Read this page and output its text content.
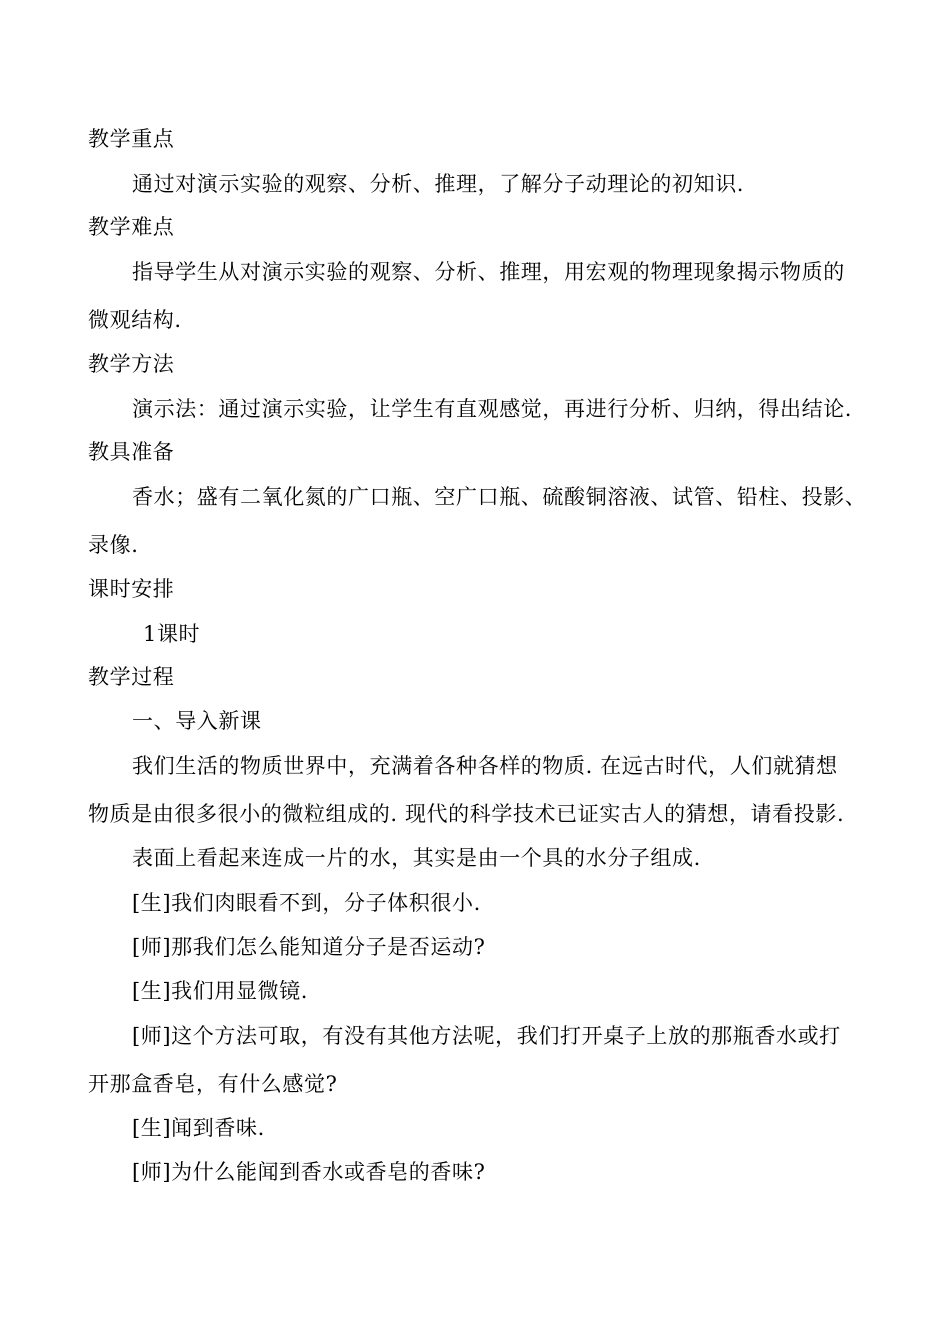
教学重点
通过对演示实验的观察、分析、推理，了解分子动理论的初知识.
教学难点
指导学生从对演示实验的观察、分析、推理，用宏观的物理现象揭示物质的
微观结构.
教学方法
演示法：通过演示实验，让学生有直观感觉，再进行分析、归纳，得出结论.
教具准备
香水；盛有二氧化氮的广口瓶、空广口瓶、硫酸铜溶液、试管、铅柱、投影、
录像.
课时安排
1课时
教学过程
一、导入新课
我们生活的物质世界中，充满着各种各样的物质. 在远古时代，人们就猜想
物质是由很多很小的微粒组成的. 现代的科学技术已证实古人的猜想，请看投影.
表面上看起来连成一片的水，其实是由一个具的水分子组成.
[生]我们肉眼看不到，分子体积很小.
[师]那我们怎么能知道分子是否运动?
[生]我们用显微镜.
[师]这个方法可取，有没有其他方法呢，我们打开桌子上放的那瓶香水或打
开那盒香皂，有什么感觉?
[生]闻到香味.
[师]为什么能闻到香水或香皂的香味?
